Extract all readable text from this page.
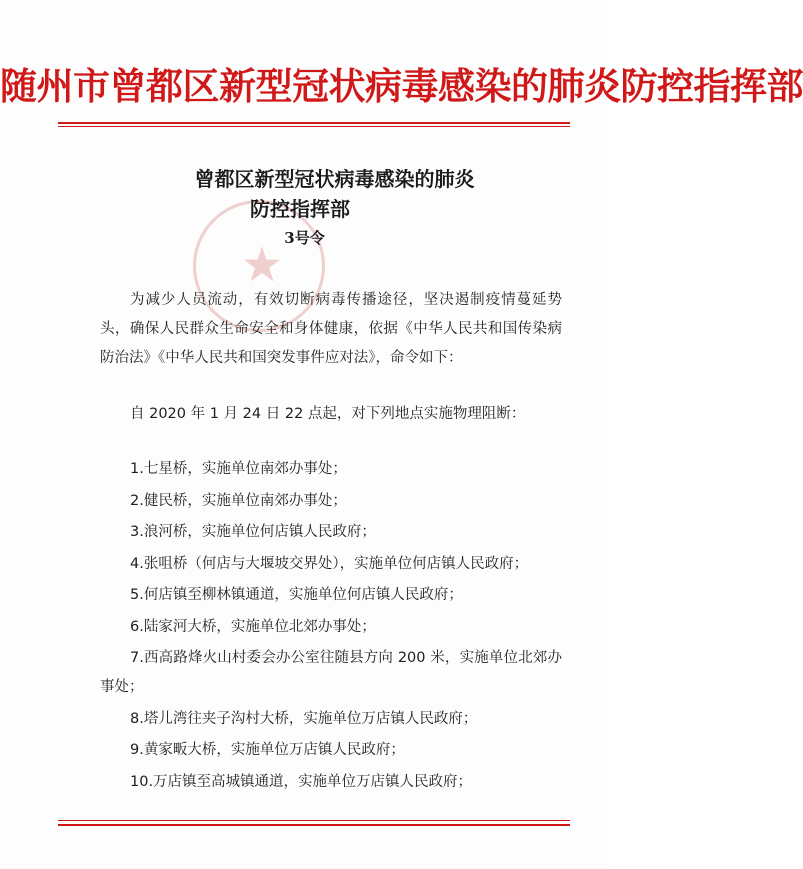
随州市曾都区新型冠状病毒感染的肺炎防控指挥部
★
曾都区新型冠状病毒感染的肺炎
防控指挥部
3号令

为减少人员流动，有效切断病毒传播途径，坚决遏制疫情蔓延势头，确保人民群众生命安全和身体健康，依据《中华人民共和国传染病防治法》《中华人民共和国突发事件应对法》，命令如下：

自 2020 年 1 月 24 日 22 点起，对下列地点实施物理阻断：

1.七星桥，实施单位南郊办事处；

2.健民桥，实施单位南郊办事处；

3.浪河桥，实施单位何店镇人民政府；

4.张咀桥（何店与大堰坡交界处），实施单位何店镇人民政府；

5.何店镇至柳林镇通道，实施单位何店镇人民政府；

6.陆家河大桥，实施单位北郊办事处；

7.西高路烽火山村委会办公室往随县方向 200 米，实施单位北郊办事处；

8.塔儿湾往夹子沟村大桥，实施单位万店镇人民政府；

9.黄家畈大桥，实施单位万店镇人民政府；

10.万店镇至高城镇通道，实施单位万店镇人民政府；
